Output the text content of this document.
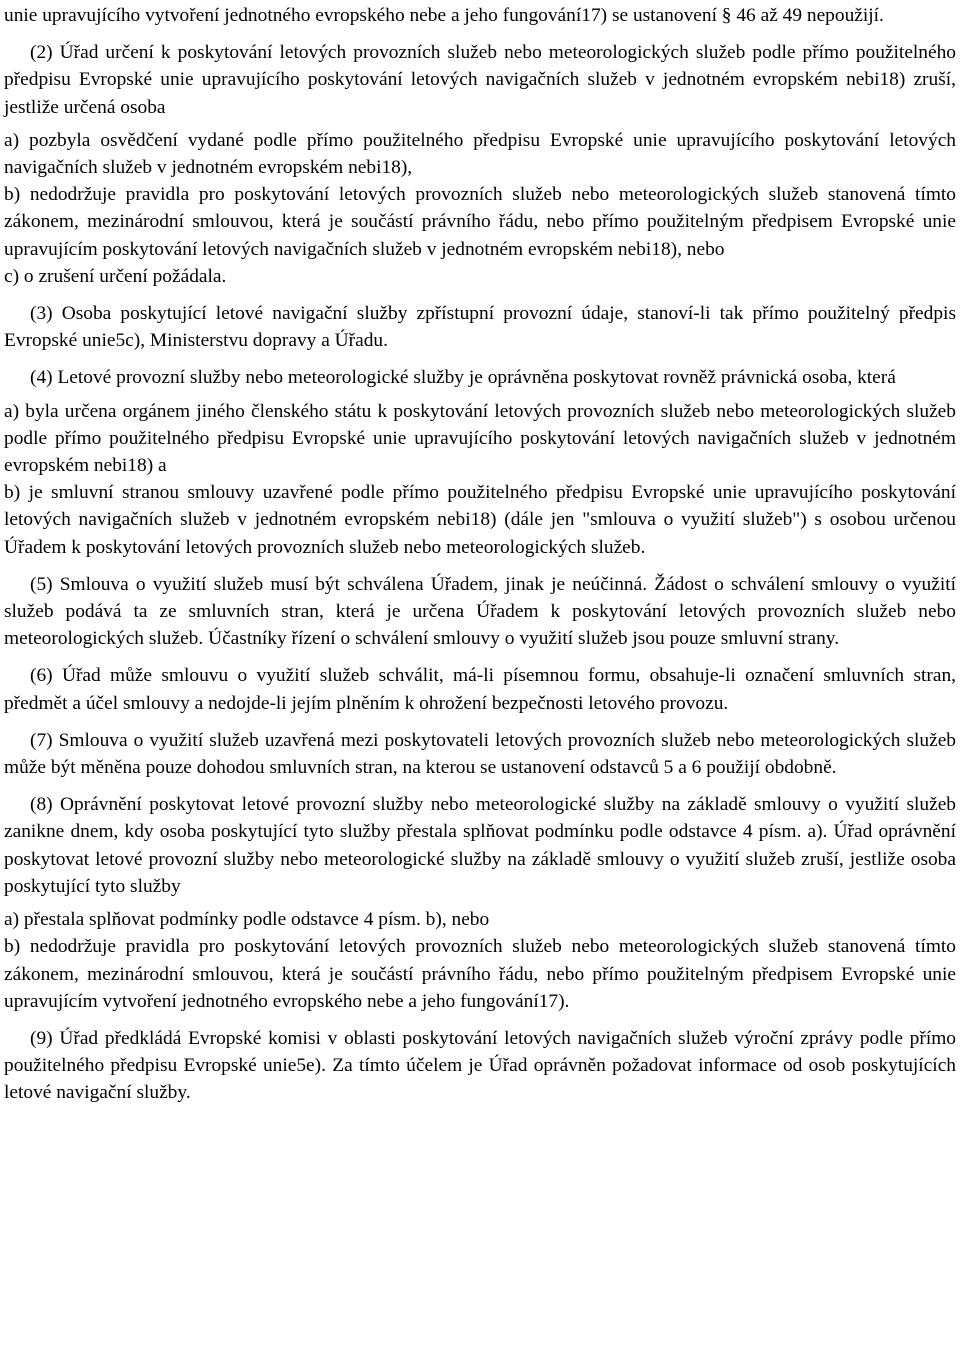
unie upravujícího vytvoření jednotného evropského nebe a jeho fungování17) se ustanovení § 46 až 49 nepoužijí.

(2) Úřad určení k poskytování letových provozních služeb nebo meteorologických služeb podle přímo použitelného předpisu Evropské unie upravujícího poskytování letových navigačních služeb v jednotném evropském nebi18) zruší, jestliže určená osoba

a) pozbyla osvědčení vydané podle přímo použitelného předpisu Evropské unie upravujícího poskytování letových navigačních služeb v jednotném evropském nebi18),

b) nedodržuje pravidla pro poskytování letových provozních služeb nebo meteorologických služeb stanovená tímto zákonem, mezinárodní smlouvou, která je součástí právního řádu, nebo přímo použitelným předpisem Evropské unie upravujícím poskytování letových navigačních služeb v jednotném evropském nebi18), nebo

c) o zrušení určení požádala.

(3) Osoba poskytující letové navigační služby zpřístupní provozní údaje, stanoví-li tak přímo použitelný předpis Evropské unie5c), Ministerstvu dopravy a Úřadu.

(4) Letové provozní služby nebo meteorologické služby je oprávněna poskytovat rovněž právnická osoba, která

a) byla určena orgánem jiného členského státu k poskytování letových provozních služeb nebo meteorologických služeb podle přímo použitelného předpisu Evropské unie upravujícího poskytování letových navigačních služeb v jednotném evropském nebi18) a

b) je smluvní stranou smlouvy uzavřené podle přímo použitelného předpisu Evropské unie upravujícího poskytování letových navigačních služeb v jednotném evropském nebi18) (dále jen "smlouva o využití služeb") s osobou určenou Úřadem k poskytování letových provozních služeb nebo meteorologických služeb.

(5) Smlouva o využití služeb musí být schválena Úřadem, jinak je neúčinná. Žádost o schválení smlouvy o využití služeb podává ta ze smluvních stran, která je určena Úřadem k poskytování letových provozních služeb nebo meteorologických služeb. Účastníky řízení o schválení smlouvy o využití služeb jsou pouze smluvní strany.

(6) Úřad může smlouvu o využití služeb schválit, má-li písemnou formu, obsahuje-li označení smluvních stran, předmět a účel smlouvy a nedojde-li jejím plněním k ohrožení bezpečnosti letového provozu.

(7) Smlouva o využití služeb uzavřená mezi poskytovateli letových provozních služeb nebo meteorologických služeb může být měněna pouze dohodou smluvních stran, na kterou se ustanovení odstavců 5 a 6 použijí obdobně.

(8) Oprávnění poskytovat letové provozní služby nebo meteorologické služby na základě smlouvy o využití služeb zanikne dnem, kdy osoba poskytující tyto služby přestala splňovat podmínku podle odstavce 4 písm. a). Úřad oprávnění poskytovat letové provozní služby nebo meteorologické služby na základě smlouvy o využití služeb zruší, jestliže osoba poskytující tyto služby

a) přestala splňovat podmínky podle odstavce 4 písm. b), nebo

b) nedodržuje pravidla pro poskytování letových provozních služeb nebo meteorologických služeb stanovená tímto zákonem, mezinárodní smlouvou, která je součástí právního řádu, nebo přímo použitelným předpisem Evropské unie upravujícím vytvoření jednotného evropského nebe a jeho fungování17).

(9) Úřad předkládá Evropské komisi v oblasti poskytování letových navigačních služeb výroční zprávy podle přímo použitelného předpisu Evropské unie5e). Za tímto účelem je Úřad oprávněn požadovat informace od osob poskytujících letové navigační služby.
